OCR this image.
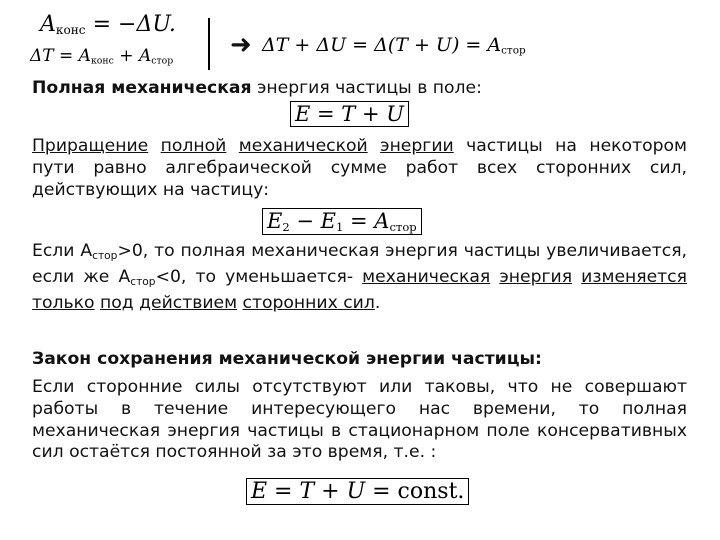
$A_{конс} = -\Delta U$.
$\Delta T = A_{конс} + A_{стор}$
➜ $\Delta T + \Delta U = \Delta(T + U) = A_{стор}$
Полная механическая энергия частицы в поле:
E = T + U
Приращение полной механической энергии частицы на некотором пути равно алгебраической сумме работ всех сторонних сил, действующих на частицу:
$E_2 - E_1 = A_{стор}$
Если Aстор>0, то полная механическая энергия частицы увеличивается, если же Aстор<0, то уменьшается- механическая энергия изменяется только под действием сторонних сил.
Закон сохранения механической энергии частицы:
Если сторонние силы отсутствуют или таковы, что не совершают работы в течение интересующего нас времени, то полная механическая энергия частицы в стационарном поле консервативных сил остаётся постоянной за это время, т.е. :
E = T + U = const.
